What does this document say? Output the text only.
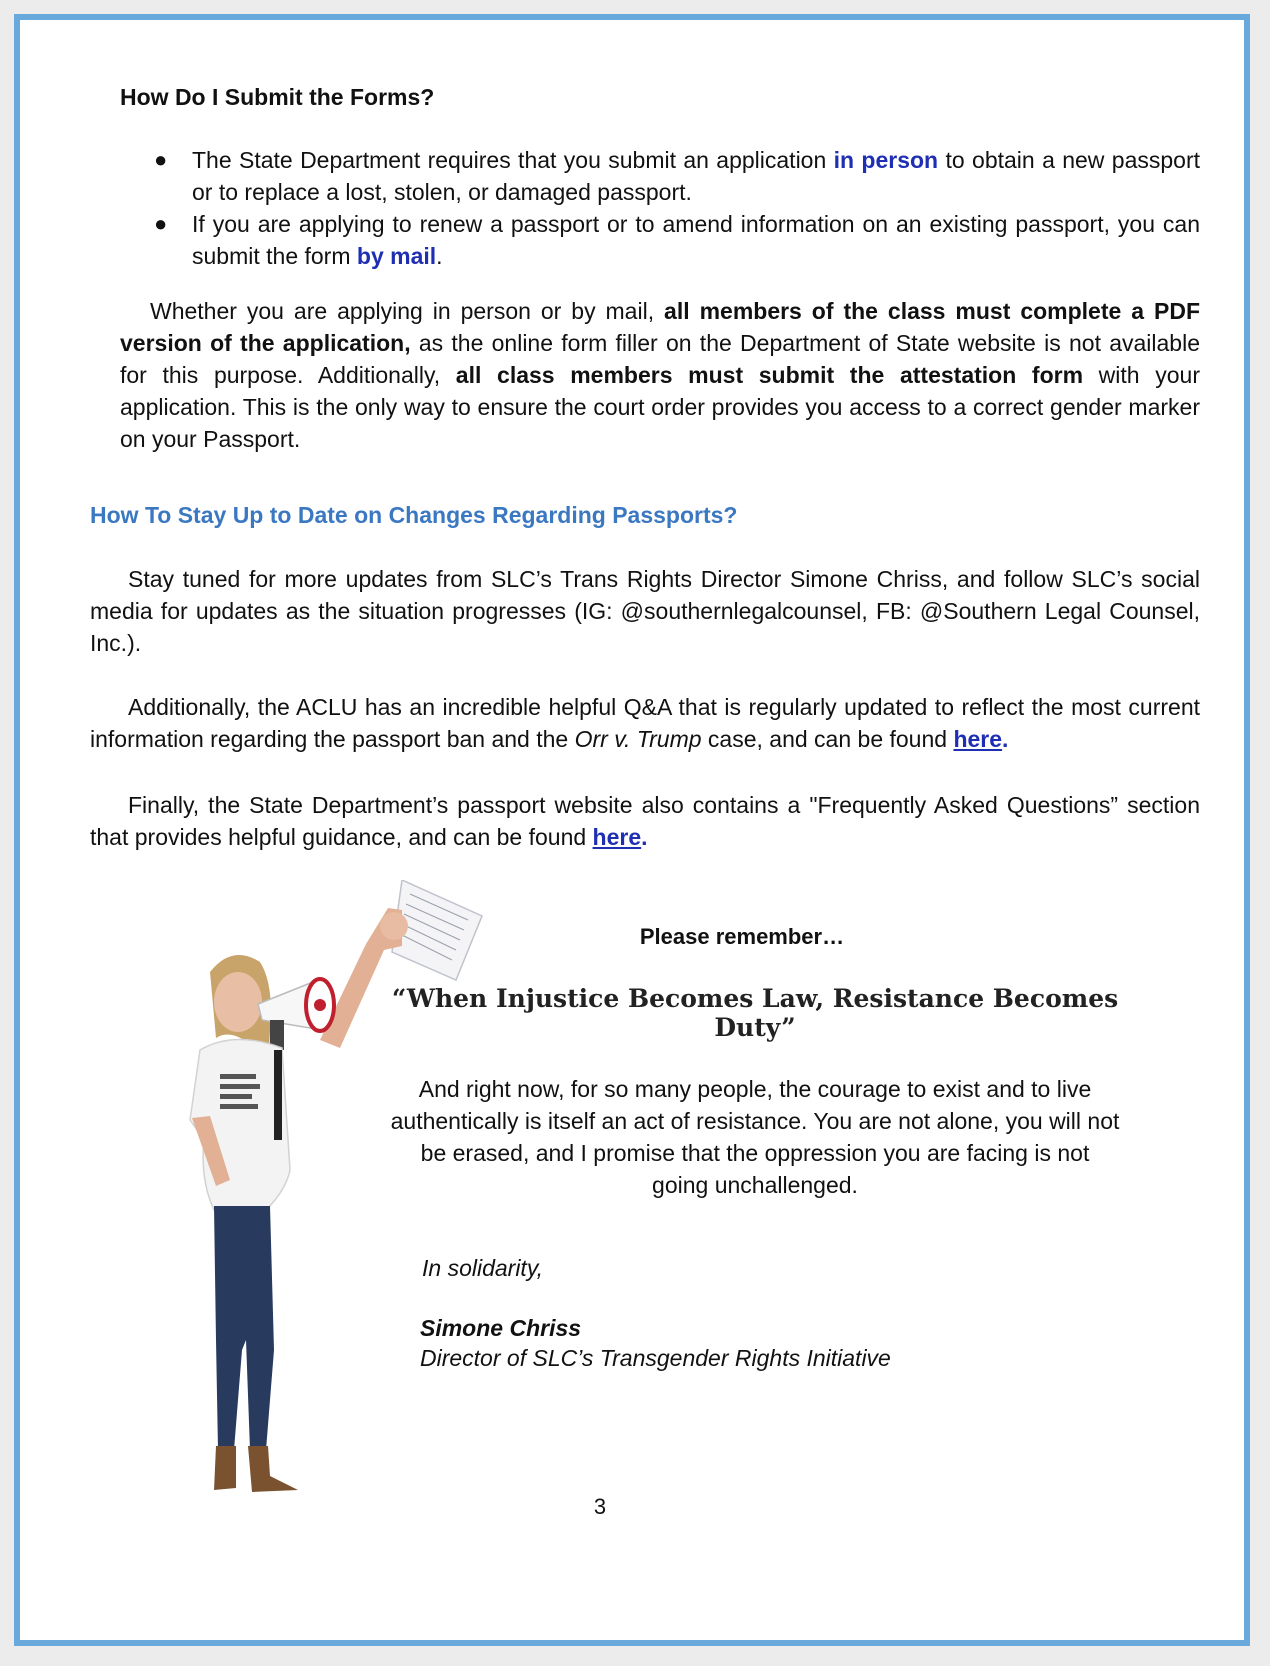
How Do I Submit the Forms?
● The State Department requires that you submit an application in person to obtain a new passport or to replace a lost, stolen, or damaged passport.
● If you are applying to renew a passport or to amend information on an existing passport, you can submit the form by mail.

Whether you are applying in person or by mail, all members of the class must complete a PDF version of the application, as the online form filler on the Department of State website is not available for this purpose. Additionally, all class members must submit the attestation form with your application. This is the only way to ensure the court order provides you access to a correct gender marker on your Passport.

How To Stay Up to Date on Changes Regarding Passports?

Stay tuned for more updates from SLC’s Trans Rights Director Simone Chriss, and follow SLC’s social media for updates as the situation progresses (IG: @southernlegalcounsel, FB: @Southern Legal Counsel, Inc.).

Additionally, the ACLU has an incredible helpful Q&A that is regularly updated to reflect the most current information regarding the passport ban and the Orr v. Trump case, and can be found here.

Finally, the State Department’s passport website also contains a "Frequently Asked Questions” section that provides helpful guidance, and can be found here.

Please remember…
“When Injustice Becomes Law, Resistance Becomes Duty”

And right now, for so many people, the courage to exist and to live authentically is itself an act of resistance. You are not alone, you will not be erased, and I promise that the oppression you are facing is not going unchallenged.

In solidarity,
Simone Chriss
Director of SLC’s Transgender Rights Initiative
3
